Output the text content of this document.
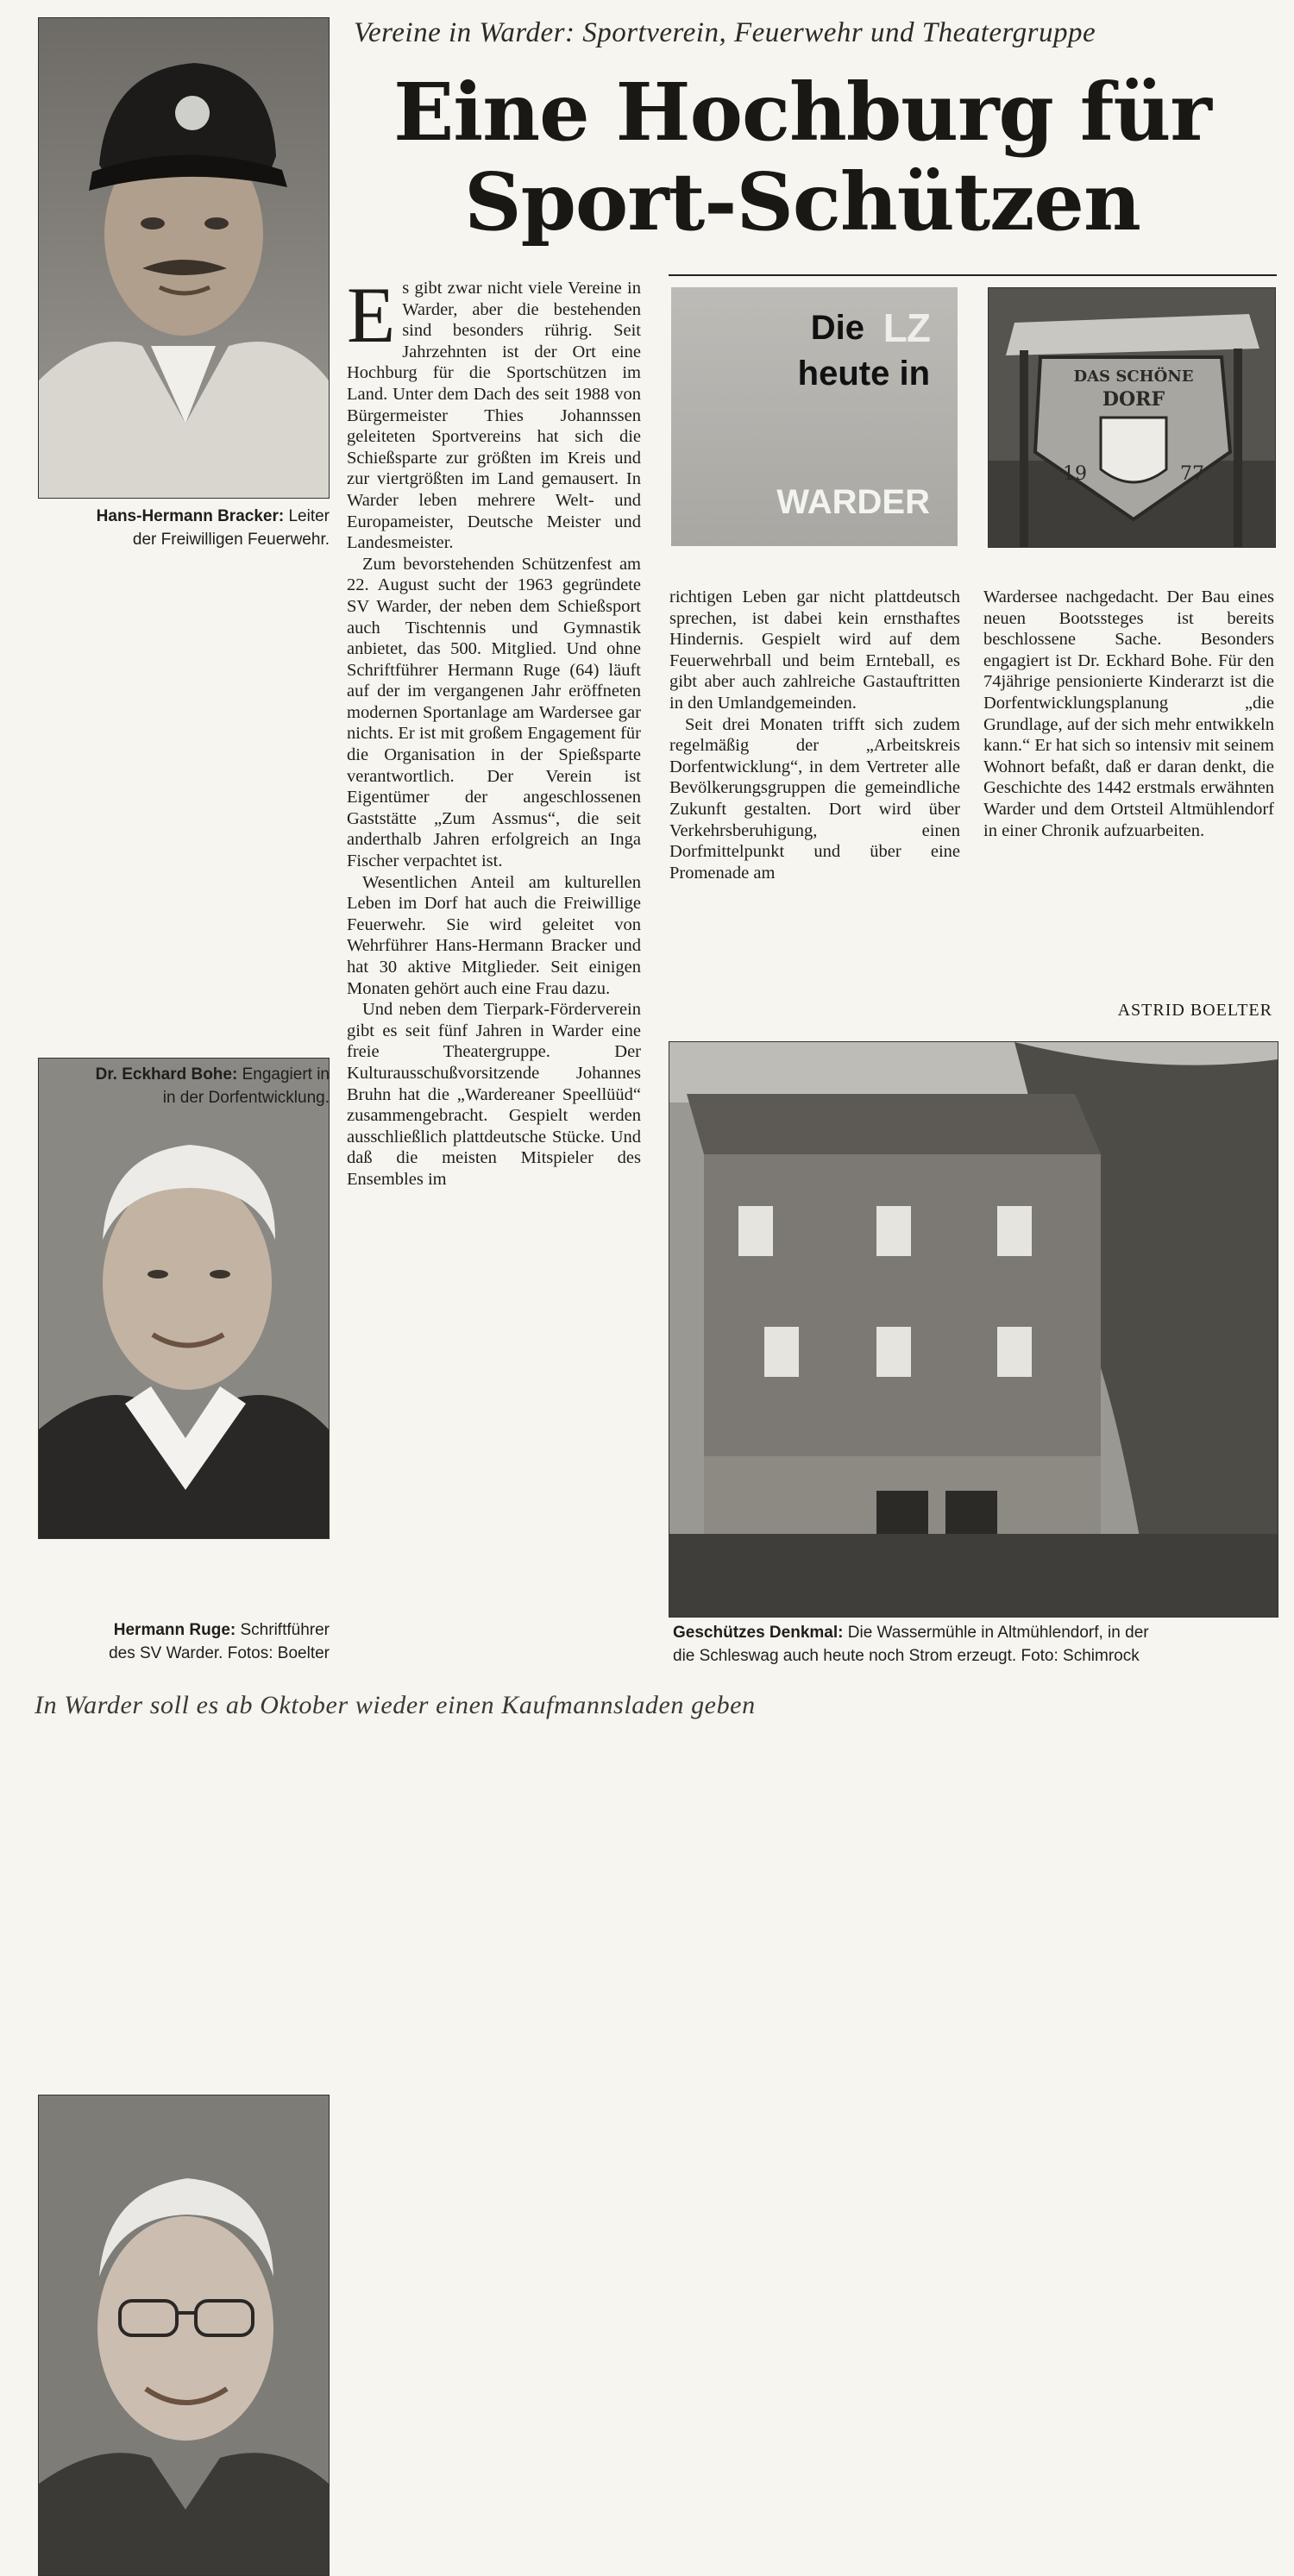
Vereine in Warder: Sportverein, Feuerwehr und Theatergruppe
Eine Hochburg für
Sport-Schützen
Hans-Hermann Bracker: Leiter
der Freiwilligen Feuerwehr.
Dr. Eckhard Bohe: Engagiert in
in der Dorfentwicklung.
Hermann Ruge: Schriftführer
des SV Warder. Fotos: Boelter

Es gibt zwar nicht viele Vereine in Warder, aber die bestehenden sind besonders rührig. Seit Jahrzehnten ist der Ort eine Hochburg für die Sportschützen im Land. Unter dem Dach des seit 1988 von Bürgermeister Thies Johannssen geleiteten Sportvereins hat sich die Schießsparte zur größten im Kreis und zur viertgrößten im Land gemausert. In Warder leben mehrere Welt- und Europameister, Deutsche Meister und Landesmeister.

Zum bevorstehenden Schützenfest am 22. August sucht der 1963 gegründete SV Warder, der neben dem Schießsport auch Tischtennis und Gymnastik anbietet, das 500. Mitglied. Und ohne Schriftführer Hermann Ruge (64) läuft auf der im vergangenen Jahr eröffneten modernen Sportanlage am Wardersee gar nichts. Er ist mit großem Engagement für die Organisation in der Spießsparte verantwortlich. Der Verein ist Eigentümer der angeschlossenen Gaststätte „Zum Assmus“, die seit anderthalb Jahren erfolgreich an Inga Fischer verpachtet ist.

Wesentlichen Anteil am kulturellen Leben im Dorf hat auch die Freiwillige Feuerwehr. Sie wird geleitet von Wehrführer Hans-Hermann Bracker und hat 30 aktive Mitglieder. Seit einigen Monaten gehört auch eine Frau dazu.

Und neben dem Tierpark-Förderverein gibt es seit fünf Jahren in Warder eine freie Theatergruppe. Der Kulturausschußvorsitzende Johannes Bruhn hat die „Wardereaner Speellüüd“ zusammengebracht. Gespielt werden ausschließlich plattdeutsche Stücke. Und daß die meisten Mitspieler des Ensembles im

Die LZ
heute in
WARDER
DAS SCHÖNE
DORF
19	77

richtigen Leben gar nicht plattdeutsch sprechen, ist dabei kein ernsthaftes Hindernis. Gespielt wird auf dem Feuerwehrball und beim Ernteball, es gibt aber auch zahlreiche Gastauftritten in den Umlandgemeinden.

Seit drei Monaten trifft sich zudem regelmäßig der „Arbeitskreis Dorfentwicklung“, in dem Vertreter alle Bevölkerungsgruppen die gemeindliche Zukunft gestalten. Dort wird über Verkehrsberuhigung, einen Dorfmittelpunkt und über eine Promenade am

Wardersee nachgedacht. Der Bau eines neuen Bootssteges ist bereits beschlossene Sache. Besonders engagiert ist Dr. Eckhard Bohe. Für den 74jährige pensionierte Kinderarzt ist die Dorfentwicklungsplanung „die Grundlage, auf der sich mehr entwikkeln kann.“ Er hat sich so intensiv mit seinem Wohnort befaßt, daß er daran denkt, die Geschichte des 1442 erstmals erwähnten Warder und dem Ortsteil Altmühlendorf in einer Chronik aufzuarbeiten.

ASTRID BOELTER
Geschützes Denkmal: Die Wassermühle in Altmühlendorf, in der
die Schleswag auch heute noch Strom erzeugt. Foto: Schimrock
In Warder soll es ab Oktober wieder einen Kaufmannsladen geben
